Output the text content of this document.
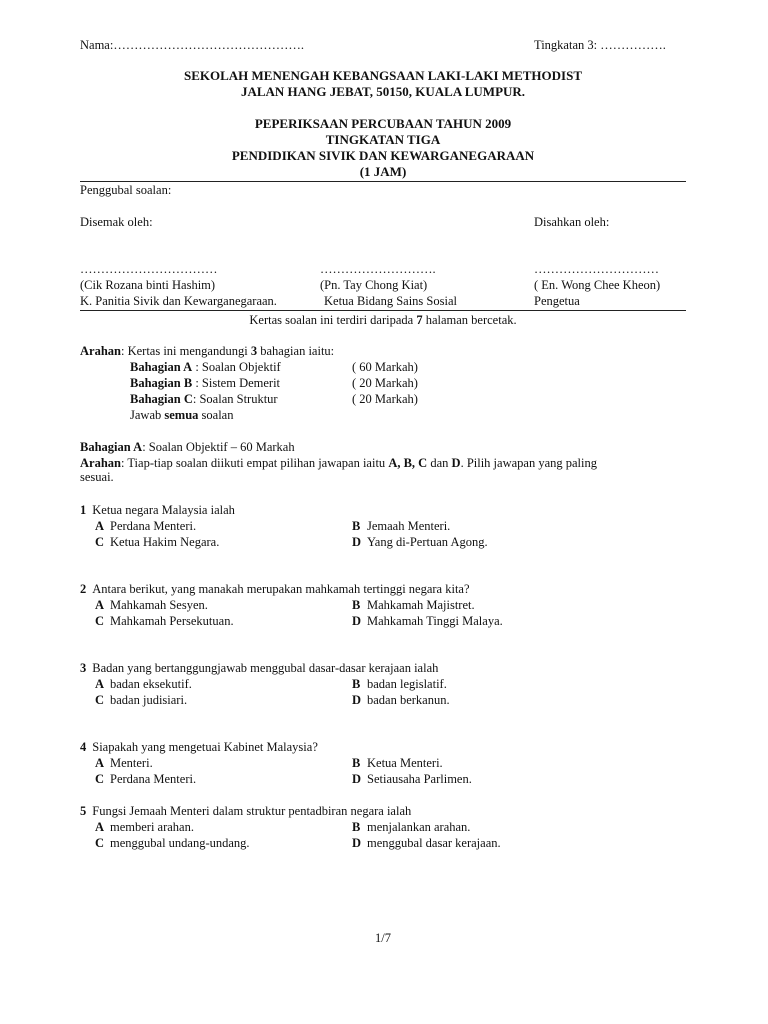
Nama:……………………………………….	Tingkatan 3: …………….
SEKOLAH MENENGAH KEBANGSAAN LAKI-LAKI METHODIST
JALAN HANG JEBAT, 50150, KUALA LUMPUR.
PEPERIKSAAN PERCUBAAN TAHUN 2009
TINGKATAN TIGA
PENDIDIKAN SIVIK DAN KEWARGANEGARAAN
(1 JAM)
Penggubal soalan:
Disemak oleh:	Disahkan oleh:
……………………………	……………………….	…………………………
(Cik Rozana binti Hashim)	(Pn. Tay Chong Kiat)	( En. Wong Chee Kheon)
K. Panitia Sivik dan Kewarganegaraan.	Ketua Bidang Sains Sosial	Pengetua
Kertas soalan ini terdiri daripada 7 halaman bercetak.
Arahan: Kertas ini mengandungi 3 bahagian iaitu:
Bahagian A : Soalan Objektif	( 60 Markah)
Bahagian B : Sistem Demerit	( 20 Markah)
Bahagian C: Soalan Struktur	( 20 Markah)
Jawab semua soalan
Bahagian A: Soalan Objektif – 60 Markah
Arahan: Tiap-tiap soalan diikuti empat pilihan jawapan iaitu A, B, C dan D. Pilih jawapan yang paling
sesuai.
1 Ketua negara Malaysia ialah
A Perdana Menteri.	B Jemaah Menteri.
C Ketua Hakim Negara.	D Yang di-Pertuan Agong.
2 Antara berikut, yang manakah merupakan mahkamah tertinggi negara kita?
A Mahkamah Sesyen.	B Mahkamah Majistret.
C Mahkamah Persekutuan.	D Mahkamah Tinggi Malaya.
3 Badan yang bertanggungjawab menggubal dasar-dasar kerajaan ialah
A badan eksekutif.	B badan legislatif.
C badan judisiari.	D badan berkanun.
4 Siapakah yang mengetuai Kabinet Malaysia?
A Menteri.	B Ketua Menteri.
C Perdana Menteri.	D Setiausaha Parlimen.
5 Fungsi Jemaah Menteri dalam struktur pentadbiran negara ialah
A memberi arahan.	B menjalankan arahan.
C menggubal undang-undang.	D menggubal dasar kerajaan.
1/7
